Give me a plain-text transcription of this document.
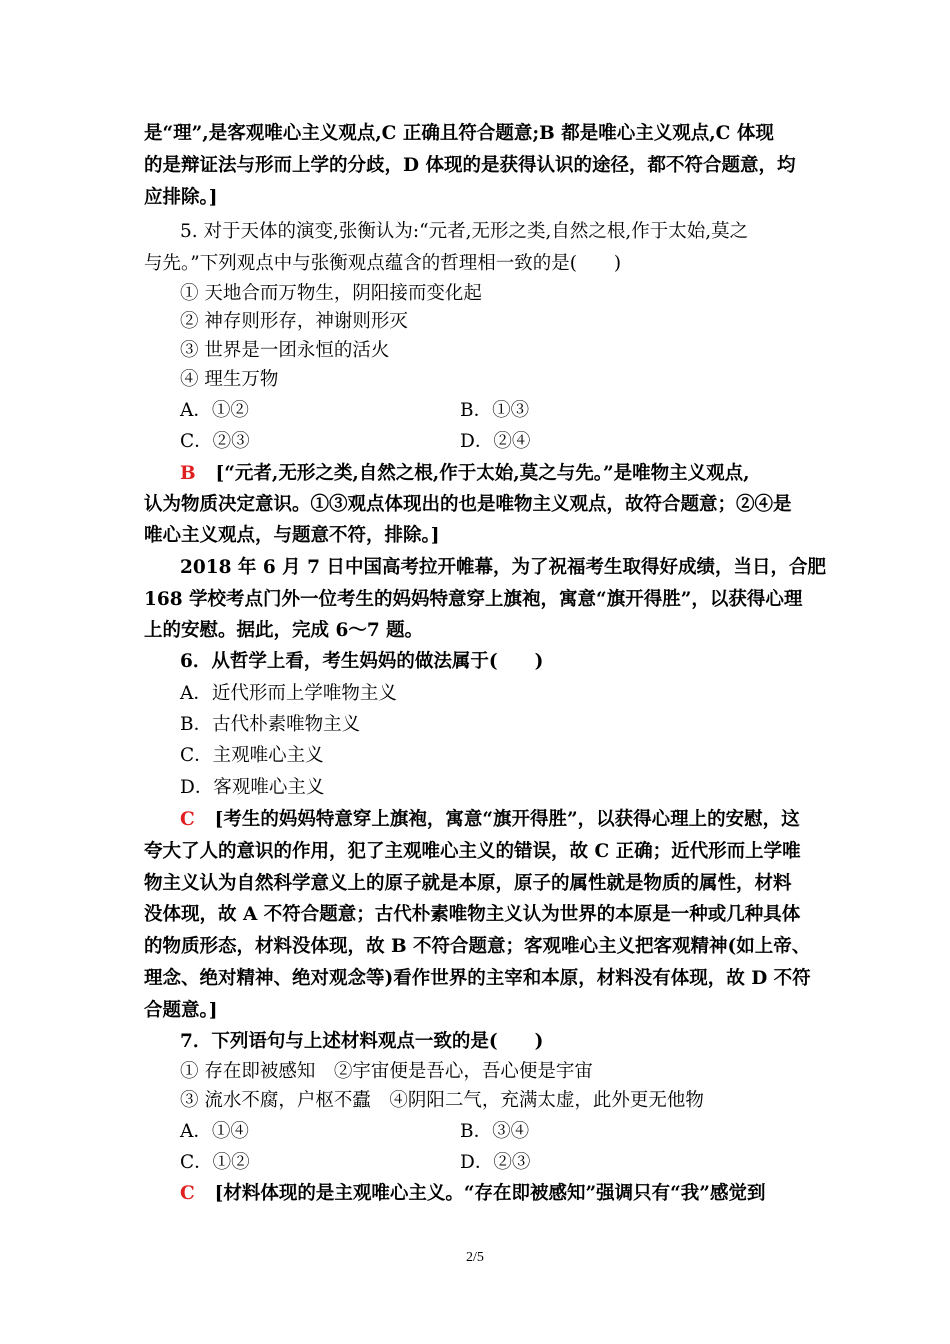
是“理”,是客观唯心主义观点,C 正确且符合题意;B 都是唯心主义观点,C 体现
的是辩证法与形而上学的分歧，D 体现的是获得认识的途径，都不符合题意，均
应排除。]
5. 对于天体的演变,张衡认为:“元者,无形之类,自然之根,作于太始,莫之
与先。”下列观点中与张衡观点蕴含的哲理相一致的是(　　)
① 天地合而万物生，阴阳接而变化起
② 神存则形存，神谢则形灭
③ 世界是一团永恒的活火
④ 理生万物
A．①②	B．①③
C．②③	D．②④
B [“元者,无形之类,自然之根,作于太始,莫之与先。”是唯物主义观点,
认为物质决定意识。①③观点体现出的也是唯物主义观点，故符合题意；②④是
唯心主义观点，与题意不符，排除。]
2018 年 6 月 7 日中国高考拉开帷幕，为了祝福考生取得好成绩，当日，合肥
168 学校考点门外一位考生的妈妈特意穿上旗袍，寓意“旗开得胜”，以获得心理
上的安慰。据此，完成 6～7 题。
6．从哲学上看，考生妈妈的做法属于(　　)
A．近代形而上学唯物主义
B．古代朴素唯物主义
C．主观唯心主义
D．客观唯心主义
C [考生的妈妈特意穿上旗袍，寓意“旗开得胜”，以获得心理上的安慰，这
夸大了人的意识的作用，犯了主观唯心主义的错误，故 C 正确；近代形而上学唯
物主义认为自然科学意义上的原子就是本原，原子的属性就是物质的属性，材料
没体现，故 A 不符合题意；古代朴素唯物主义认为世界的本原是一种或几种具体
的物质形态，材料没体现，故 B 不符合题意；客观唯心主义把客观精神(如上帝、
理念、绝对精神、绝对观念等)看作世界的主宰和本原，材料没有体现，故 D 不符
合题意。]
7．下列语句与上述材料观点一致的是(　　)
① 存在即被感知　②宇宙便是吾心，吾心便是宇宙
③ 流水不腐，户枢不蠹　④阴阳二气，充满太虚，此外更无他物
A．①④	B．③④
C．①②	D．②③
C [材料体现的是主观唯心主义。“存在即被感知”强调只有“我”感觉到
2/5
